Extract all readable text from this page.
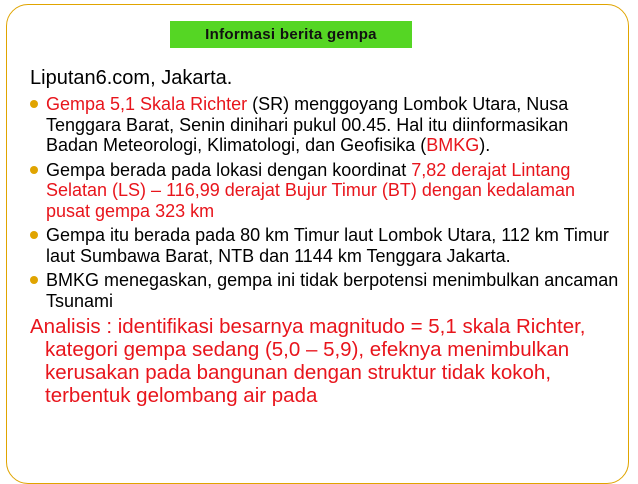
Informasi berita gempa
Liputan6.com, Jakarta.
Gempa 5,1 Skala Richter (SR) menggoyang Lombok Utara, Nusa Tenggara Barat, Senin dinihari pukul 00.45. Hal itu diinformasikan Badan Meteorologi, Klimatologi, dan Geofisika (BMKG).
Gempa berada pada lokasi dengan koordinat 7,82 derajat Lintang Selatan (LS) – 116,99 derajat Bujur Timur (BT) dengan kedalaman pusat gempa 323 km
Gempa itu berada pada 80 km Timur laut Lombok Utara, 112 km Timur laut Sumbawa Barat, NTB dan 1144 km Tenggara Jakarta.
BMKG menegaskan, gempa ini tidak berpotensi menimbulkan ancaman Tsunami
Analisis : identifikasi besarnya magnitudo = 5,1 skala Richter, kategori gempa sedang (5,0 – 5,9), efeknya menimbulkan kerusakan pada bangunan dengan struktur tidak kokoh, terbentuk gelombang air pada
